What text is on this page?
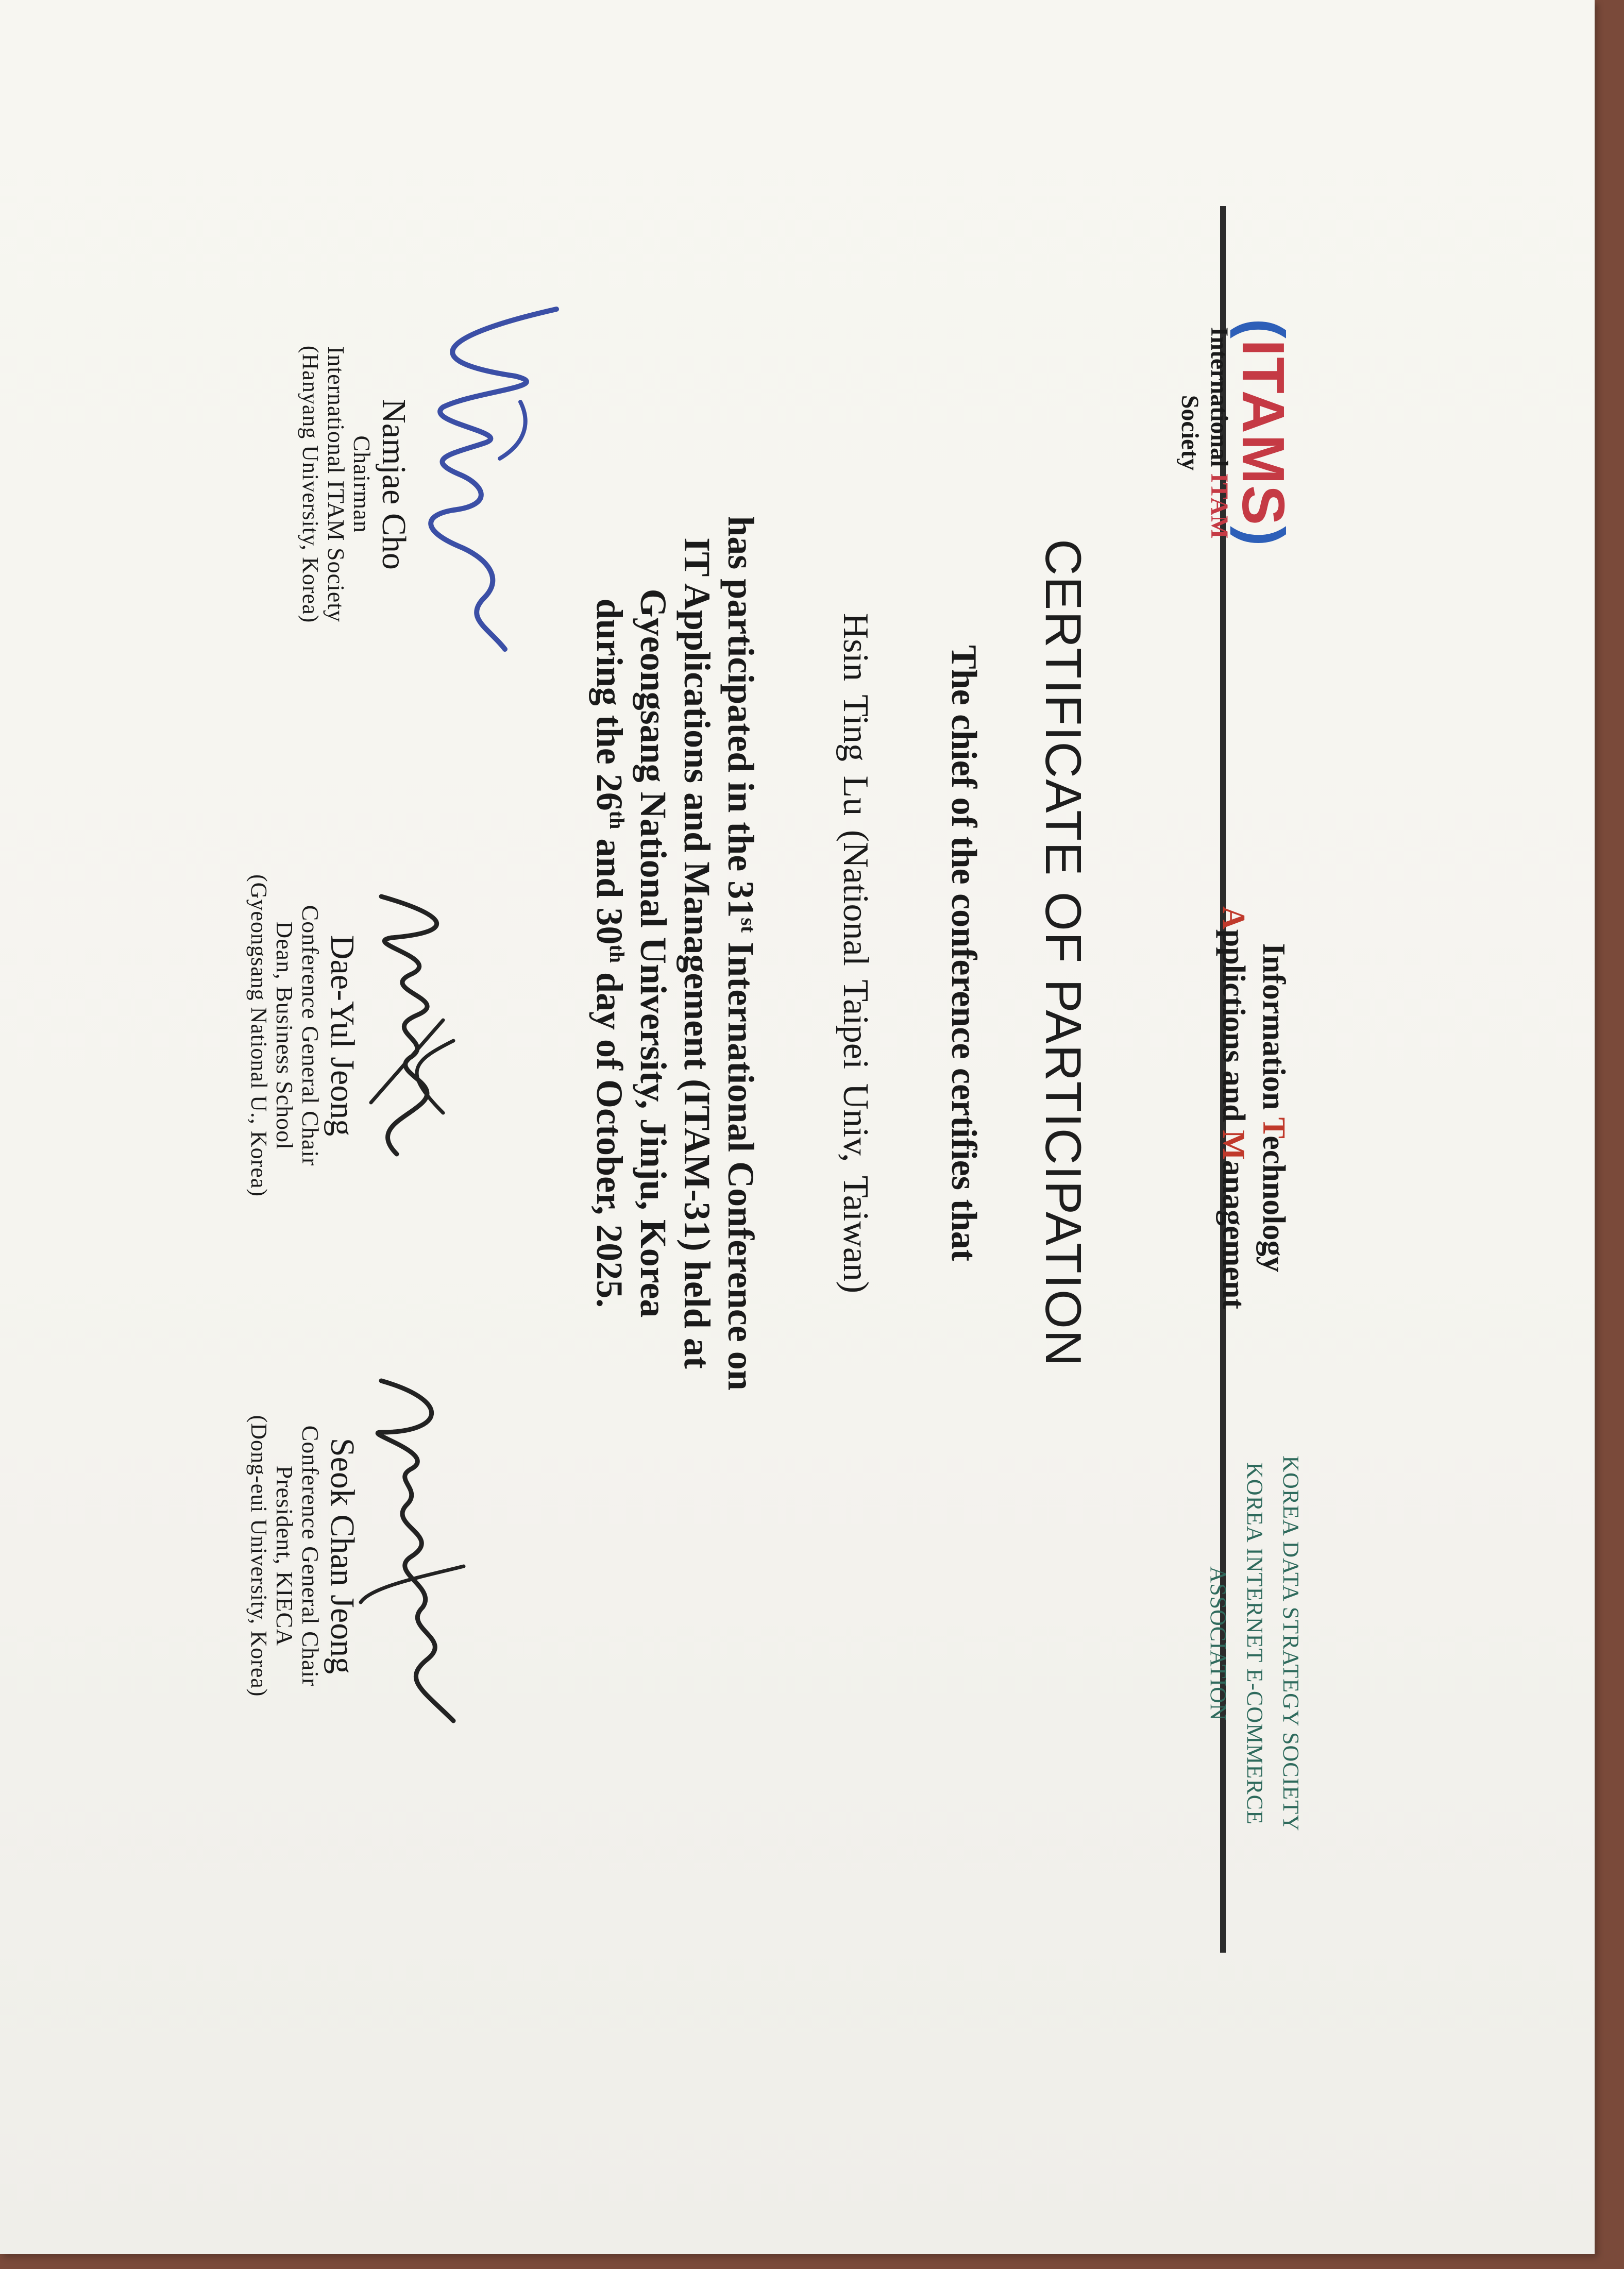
(ITAMS)
International ITAM
Society
Information Technology
Applictions and Management
KOREA DATA STRATEGY SOCIETY
KOREA INTERNET E-COMMERCE
ASSOCIATION
CERTIFICATE OF PARTICIPATION
The chief of the conference certifies that
Hsin Ting Lu (National Taipei Univ, Taiwan)
has participated in the 31st International Conference on
IT Applications and Management (ITAM-31) held at
Gyeongsang National University, Jinju, Korea
during the 26th and 30th day of October, 2025.
Namjae Cho
Chairman
International ITAM Society
(Hanyang University, Korea)
Dae-Yul Jeong
Conference General Chair
Dean, Business School
(Gyeongsang National U., Korea)
Seok Chan Jeong
Conference General Chair
President, KIECA
(Dong-eui University, Korea)
